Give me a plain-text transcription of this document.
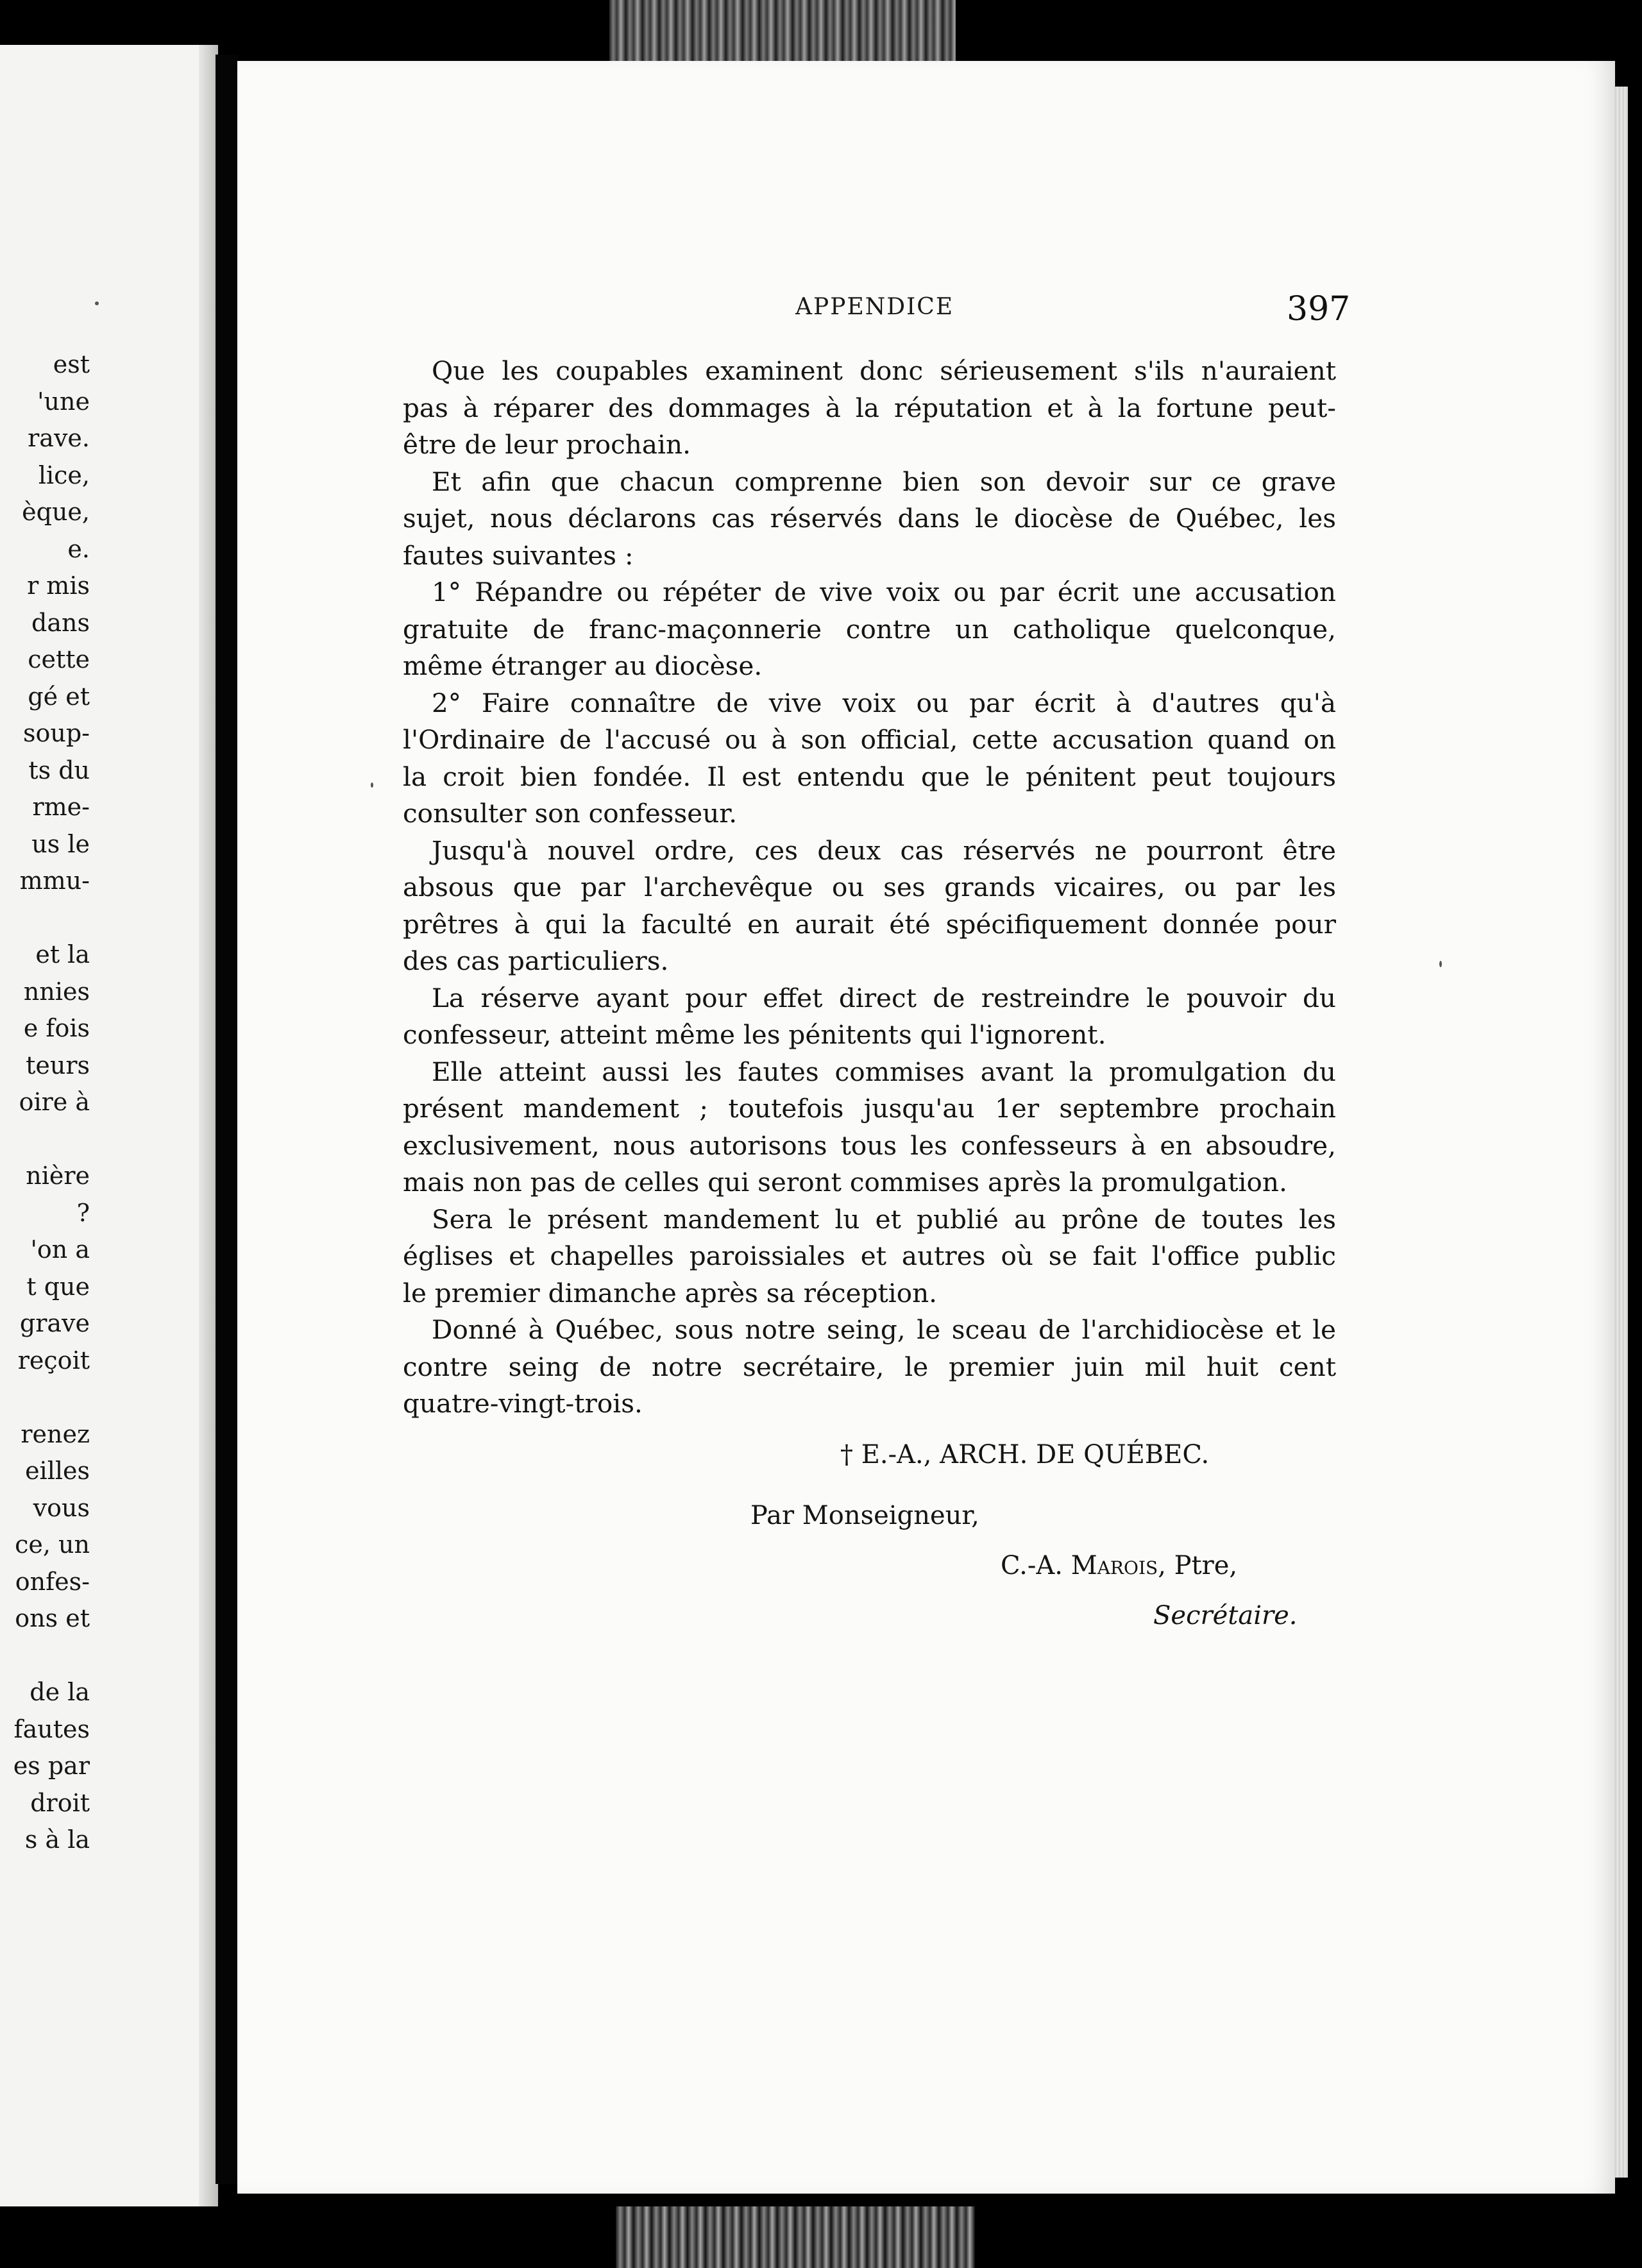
est
'une
rave.
lice,
èque,
e.
r mis
dans
cette
gé et
soup-
ts du
rme-
us le
mmu-
et la
nnies
e fois
teurs
oire à
nière
?
'on a
t que
grave
reçoit
renez
eilles
vous
ce, un
onfes-
ons et
de la
fautes
es par
droit
s à la
APPENDICE	397
Que les coupables examinent donc sérieusement s'ils n'auraient
pas à réparer des dommages à la réputation et à la fortune peut-
être de leur prochain.
Et afin que chacun comprenne bien son devoir sur ce grave
sujet, nous déclarons cas réservés dans le diocèse de Québec, les
fautes suivantes :
1° Répandre ou répéter de vive voix ou par écrit une accusation
gratuite de franc-maçonnerie contre un catholique quelconque,
même étranger au diocèse.
2° Faire connaître de vive voix ou par écrit à d'autres qu'à
l'Ordinaire de l'accusé ou à son official, cette accusation quand on
la croit bien fondée. Il est entendu que le pénitent peut toujours
consulter son confesseur.
Jusqu'à nouvel ordre, ces deux cas réservés ne pourront être
absous que par l'archevêque ou ses grands vicaires, ou par les
prêtres à qui la faculté en aurait été spécifiquement donnée pour
des cas particuliers.
La réserve ayant pour effet direct de restreindre le pouvoir du
confesseur, atteint même les pénitents qui l'ignorent.
Elle atteint aussi les fautes commises avant la promulgation du
présent mandement ; toutefois jusqu'au 1er septembre prochain
exclusivement, nous autorisons tous les confesseurs à en absoudre,
mais non pas de celles qui seront commises après la promulgation.
Sera le présent mandement lu et publié au prône de toutes les
églises et chapelles paroissiales et autres où se fait l'office public
le premier dimanche après sa réception.
Donné à Québec, sous notre seing, le sceau de l'archidiocèse et le
contre seing de notre secrétaire, le premier juin mil huit cent
quatre-vingt-trois.
† E.-A., ARCH. DE QUÉBEC.
Par Monseigneur,
C.-A. Marois, Ptre,
Secrétaire.
